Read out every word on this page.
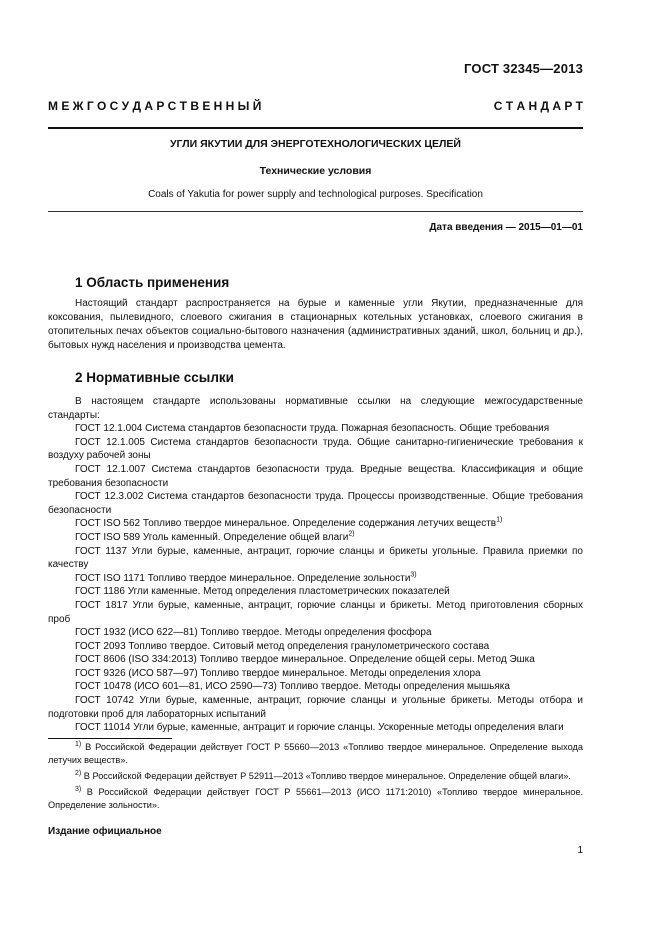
ГОСТ 32345—2013
М Е Ж Г О С У Д А Р С Т В Е Н Н Ы Й	С Т А Н Д А Р Т
УГЛИ ЯКУТИИ ДЛЯ ЭНЕРГОТЕХНОЛОГИЧЕСКИХ ЦЕЛЕЙ
Технические условия
Coals of Yakutia for power supply and technological purposes. Specification
Дата введения — 2015—01—01
1 Область применения

Настоящий стандарт распространяется на бурые и каменные угли Якутии, предназначенные для коксования, пылевидного, слоевого сжигания в стационарных котельных установках, слоевого сжигания в отопительных печах объектов социально-бытового назначения (административных зданий, школ, больниц и др.), бытовых нужд населения и производства цемента.

2 Нормативные ссылки

В настоящем стандарте использованы нормативные ссылки на следующие межгосударственные стандарты:

ГОСТ 12.1.004 Система стандартов безопасности труда. Пожарная безопасность. Общие требования

ГОСТ 12.1.005 Система стандартов безопасности труда. Общие санитарно-гигиенические требования к воздуху рабочей зоны

ГОСТ 12.1.007 Система стандартов безопасности труда. Вредные вещества. Классификация и общие требования безопасности

ГОСТ 12.3.002 Система стандартов безопасности труда. Процессы производственные. Общие требования безопасности

ГОСТ ISO 562 Топливо твердое минеральное. Определение содержания летучих веществ$^{1)}$

ГОСТ ISO 589 Уголь каменный. Определение общей влаги$^{2)}$

ГОСТ 1137 Угли бурые, каменные, антрацит, горючие сланцы и брикеты угольные. Правила приемки по качеству

ГОСТ ISO 1171 Топливо твердое минеральное. Определение зольности$^{3)}$

ГОСТ 1186 Угли каменные. Метод определения пластометрических показателей

ГОСТ 1817 Угли бурые, каменные, антрацит, горючие сланцы и брикеты. Метод приготовления сборных проб

ГОСТ 1932 (ИСО 622—81) Топливо твердое. Методы определения фосфора

ГОСТ 2093 Топливо твердое. Ситовый метод определения гранулометрического состава

ГОСТ 8606 (ISO 334:2013) Топливо твердое минеральное. Определение общей серы. Метод Эшка

ГОСТ 9326 (ИСО 587—97) Топливо твердое минеральное. Методы определения хлора

ГОСТ 10478 (ИСО 601—81, ИСО 2590—73) Топливо твердое. Методы определения мышьяка

ГОСТ 10742 Угли бурые, каменные, антрацит, горючие сланцы и угольные брикеты. Методы отбора и подготовки проб для лабораторных испытаний

ГОСТ 11014 Угли бурые, каменные, антрацит и горючие сланцы. Ускоренные методы определения влаги

$^{1)}$ В Российской Федерации действует ГОСТ Р 55660—2013 «Топливо твердое минеральное. Определение выхода летучих веществ».

$^{2)}$ В Российской Федерации действует Р 52911—2013 «Топливо твердое минеральное. Определение общей влаги».

$^{3)}$ В Российской Федерации действует ГОСТ Р 55661—2013 (ИСО 1171:2010) «Топливо твердое минеральное. Определение зольности».

Издание официальное
1
